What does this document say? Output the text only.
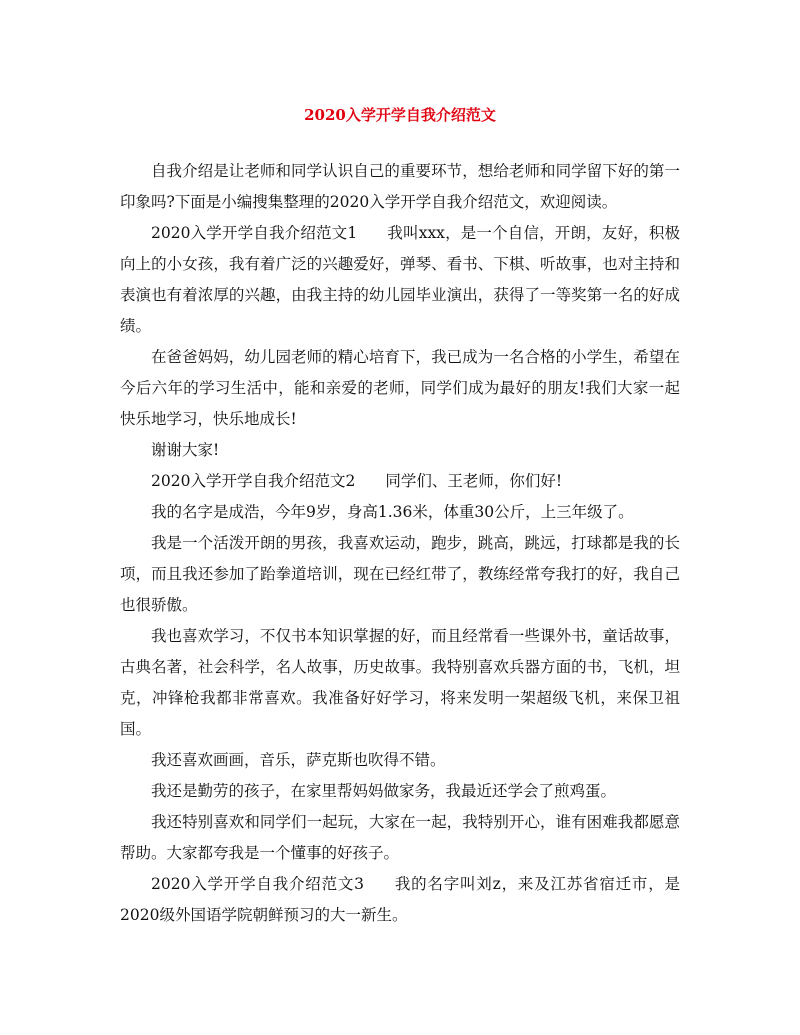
2020入学开学自我介绍范文

自我介绍是让老师和同学认识自己的重要环节，想给老师和同学留下好的第一印象吗?下面是小编搜集整理的2020入学开学自我介绍范文，欢迎阅读。

2020入学开学自我介绍范文1 我叫xxx，是一个自信，开朗，友好，积极向上的小女孩，我有着广泛的兴趣爱好，弹琴、看书、下棋、听故事，也对主持和表演也有着浓厚的兴趣，由我主持的幼儿园毕业演出，获得了一等奖第一名的好成绩。

在爸爸妈妈，幼儿园老师的精心培育下，我已成为一名合格的小学生，希望在今后六年的学习生活中，能和亲爱的老师，同学们成为最好的朋友!我们大家一起快乐地学习，快乐地成长!

谢谢大家!

2020入学开学自我介绍范文2 同学们、王老师，你们好!

我的名字是成浩，今年9岁，身高1.36米，体重30公斤，上三年级了。

我是一个活泼开朗的男孩，我喜欢运动，跑步，跳高，跳远，打球都是我的长项，而且我还参加了跆拳道培训，现在已经红带了，教练经常夸我打的好，我自己也很骄傲。

我也喜欢学习，不仅书本知识掌握的好，而且经常看一些课外书，童话故事，古典名著，社会科学，名人故事，历史故事。我特别喜欢兵器方面的书，飞机，坦克，冲锋枪我都非常喜欢。我准备好好学习，将来发明一架超级飞机，来保卫祖国。

我还喜欢画画，音乐，萨克斯也吹得不错。

我还是勤劳的孩子，在家里帮妈妈做家务，我最近还学会了煎鸡蛋。

我还特别喜欢和同学们一起玩，大家在一起，我特别开心，谁有困难我都愿意帮助。大家都夸我是一个懂事的好孩子。

2020入学开学自我介绍范文3 我的名字叫刘z，来及江苏省宿迁市，是2020级外国语学院朝鲜预习的大一新生。
